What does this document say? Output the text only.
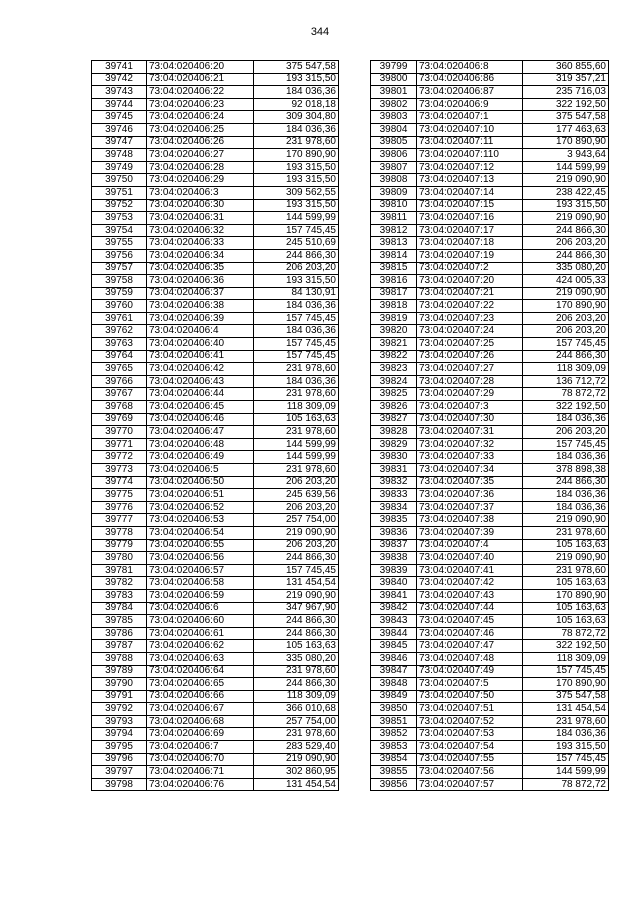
344
39741	73:04:020406:20	375 547,58
39742	73:04:020406:21	193 315,50
39743	73:04:020406:22	184 036,36
39744	73:04:020406:23	92 018,18
39745	73:04:020406:24	309 304,80
39746	73:04:020406:25	184 036,36
39747	73:04:020406:26	231 978,60
39748	73:04:020406:27	170 890,90
39749	73:04:020406:28	193 315,50
39750	73:04:020406:29	193 315,50
39751	73:04:020406:3	309 562,55
39752	73:04:020406:30	193 315,50
39753	73:04:020406:31	144 599,99
39754	73:04:020406:32	157 745,45
39755	73:04:020406:33	245 510,69
39756	73:04:020406:34	244 866,30
39757	73:04:020406:35	206 203,20
39758	73:04:020406:36	193 315,50
39759	73:04:020406:37	84 130,91
39760	73:04:020406:38	184 036,36
39761	73:04:020406:39	157 745,45
39762	73:04:020406:4	184 036,36
39763	73:04:020406:40	157 745,45
39764	73:04:020406:41	157 745,45
39765	73:04:020406:42	231 978,60
39766	73:04:020406:43	184 036,36
39767	73:04:020406:44	231 978,60
39768	73:04:020406:45	118 309,09
39769	73:04:020406:46	105 163,63
39770	73:04:020406:47	231 978,60
39771	73:04:020406:48	144 599,99
39772	73:04:020406:49	144 599,99
39773	73:04:020406:5	231 978,60
39774	73:04:020406:50	206 203,20
39775	73:04:020406:51	245 639,56
39776	73:04:020406:52	206 203,20
39777	73:04:020406:53	257 754,00
39778	73:04:020406:54	219 090,90
39779	73:04:020406:55	206 203,20
39780	73:04:020406:56	244 866,30
39781	73:04:020406:57	157 745,45
39782	73:04:020406:58	131 454,54
39783	73:04:020406:59	219 090,90
39784	73:04:020406:6	347 967,90
39785	73:04:020406:60	244 866,30
39786	73:04:020406:61	244 866,30
39787	73:04:020406:62	105 163,63
39788	73:04:020406:63	335 080,20
39789	73:04:020406:64	231 978,60
39790	73:04:020406:65	244 866,30
39791	73:04:020406:66	118 309,09
39792	73:04:020406:67	366 010,68
39793	73:04:020406:68	257 754,00
39794	73:04:020406:69	231 978,60
39795	73:04:020406:7	283 529,40
39796	73:04:020406:70	219 090,90
39797	73:04:020406:71	302 860,95
39798	73:04:020406:76	131 454,54
39799	73:04:020406:8	360 855,60
39800	73:04:020406:86	319 357,21
39801	73:04:020406:87	235 716,03
39802	73:04:020406:9	322 192,50
39803	73:04:020407:1	375 547,58
39804	73:04:020407:10	177 463,63
39805	73:04:020407:11	170 890,90
39806	73:04:020407:110	3 943,64
39807	73:04:020407:12	144 599,99
39808	73:04:020407:13	219 090,90
39809	73:04:020407:14	238 422,45
39810	73:04:020407:15	193 315,50
39811	73:04:020407:16	219 090,90
39812	73:04:020407:17	244 866,30
39813	73:04:020407:18	206 203,20
39814	73:04:020407:19	244 866,30
39815	73:04:020407:2	335 080,20
39816	73:04:020407:20	424 005,33
39817	73:04:020407:21	219 090,90
39818	73:04:020407:22	170 890,90
39819	73:04:020407:23	206 203,20
39820	73:04:020407:24	206 203,20
39821	73:04:020407:25	157 745,45
39822	73:04:020407:26	244 866,30
39823	73:04:020407:27	118 309,09
39824	73:04:020407:28	136 712,72
39825	73:04:020407:29	78 872,72
39826	73:04:020407:3	322 192,50
39827	73:04:020407:30	184 036,36
39828	73:04:020407:31	206 203,20
39829	73:04:020407:32	157 745,45
39830	73:04:020407:33	184 036,36
39831	73:04:020407:34	378 898,38
39832	73:04:020407:35	244 866,30
39833	73:04:020407:36	184 036,36
39834	73:04:020407:37	184 036,36
39835	73:04:020407:38	219 090,90
39836	73:04:020407:39	231 978,60
39837	73:04:020407:4	105 163,63
39838	73:04:020407:40	219 090,90
39839	73:04:020407:41	231 978,60
39840	73:04:020407:42	105 163,63
39841	73:04:020407:43	170 890,90
39842	73:04:020407:44	105 163,63
39843	73:04:020407:45	105 163,63
39844	73:04:020407:46	78 872,72
39845	73:04:020407:47	322 192,50
39846	73:04:020407:48	118 309,09
39847	73:04:020407:49	157 745,45
39848	73:04:020407:5	170 890,90
39849	73:04:020407:50	375 547,58
39850	73:04:020407:51	131 454,54
39851	73:04:020407:52	231 978,60
39852	73:04:020407:53	184 036,36
39853	73:04:020407:54	193 315,50
39854	73:04:020407:55	157 745,45
39855	73:04:020407:56	144 599,99
39856	73:04:020407:57	78 872,72
